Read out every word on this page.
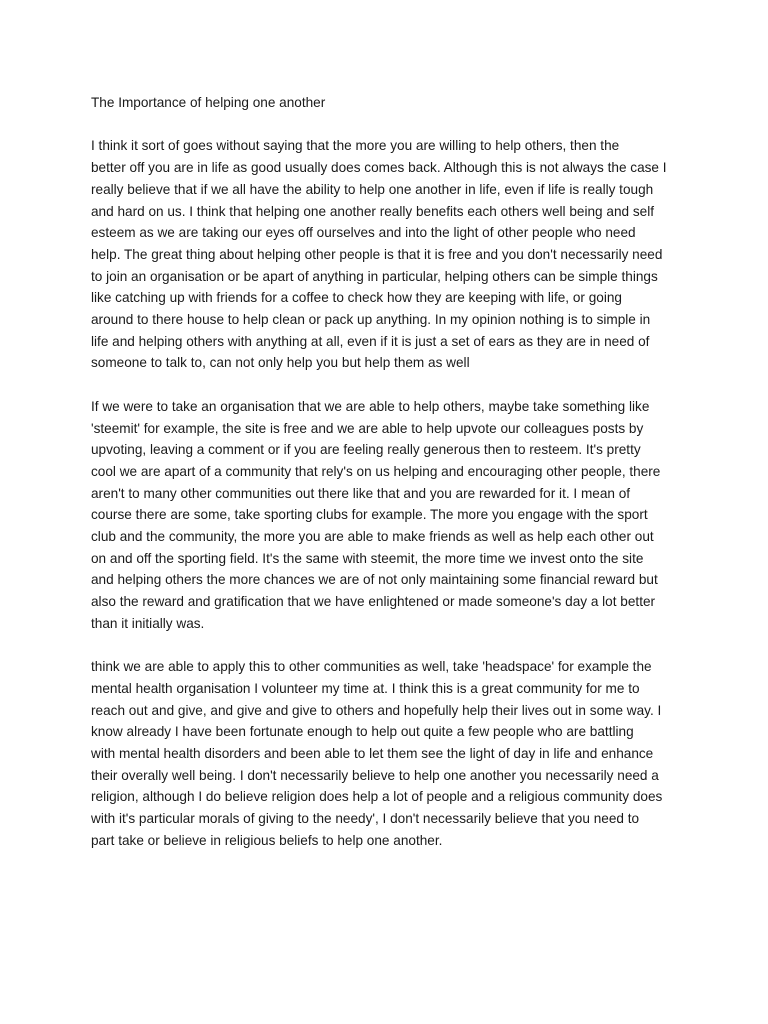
The Importance of helping one another
I think it sort of goes without saying that the more you are willing to help others, then the
better off you are in life as good usually does comes back. Although this is not always the case I
really believe that if we all have the ability to help one another in life, even if life is really tough
and hard on us. I think that helping one another really benefits each others well being and self
esteem as we are taking our eyes off ourselves and into the light of other people who need
help. The great thing about helping other people is that it is free and you don't necessarily need
to join an organisation or be apart of anything in particular, helping others can be simple things
like catching up with friends for a coffee to check how they are keeping with life, or going
around to there house to help clean or pack up anything. In my opinion nothing is to simple in
life and helping others with anything at all, even if it is just a set of ears as they are in need of
someone to talk to, can not only help you but help them as well
If we were to take an organisation that we are able to help others, maybe take something like
'steemit' for example, the site is free and we are able to help upvote our colleagues posts by
upvoting, leaving a comment or if you are feeling really generous then to resteem. It's pretty
cool we are apart of a community that rely's on us helping and encouraging other people, there
aren't to many other communities out there like that and you are rewarded for it. I mean of
course there are some, take sporting clubs for example. The more you engage with the sport
club and the community, the more you are able to make friends as well as help each other out
on and off the sporting field. It's the same with steemit, the more time we invest onto the site
and helping others the more chances we are of not only maintaining some financial reward but
also the reward and gratification that we have enlightened or made someone's day a lot better
than it initially was.
think we are able to apply this to other communities as well, take 'headspace' for example the
mental health organisation I volunteer my time at. I think this is a great community for me to
reach out and give, and give and give to others and hopefully help their lives out in some way. I
know already I have been fortunate enough to help out quite a few people who are battling
with mental health disorders and been able to let them see the light of day in life and enhance
their overally well being. I don't necessarily believe to help one another you necessarily need a
religion, although I do believe religion does help a lot of people and a religious community does
with it's particular morals of giving to the needy', I don't necessarily believe that you need to
part take or believe in religious beliefs to help one another.
